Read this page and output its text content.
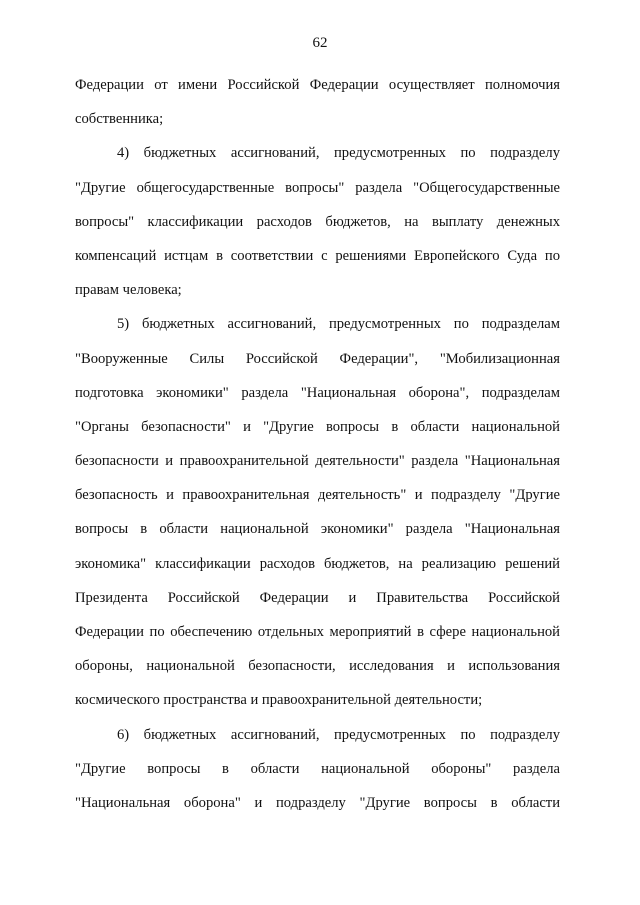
62

Федерации от имени Российской Федерации осуществляет полномочия
собственника;

4) бюджетных ассигнований, предусмотренных по подразделу
"Другие общегосударственные вопросы" раздела "Общегосударственные
вопросы" классификации расходов бюджетов, на выплату денежных
компенсаций истцам в соответствии с решениями Европейского Суда по
правам человека;

5) бюджетных ассигнований, предусмотренных по подразделам
"Вооруженные Силы Российской Федерации", "Мобилизационная
подготовка экономики" раздела "Национальная оборона", подразделам
"Органы безопасности" и "Другие вопросы в области национальной
безопасности и правоохранительной деятельности" раздела "Национальная
безопасность и правоохранительная деятельность" и подразделу "Другие
вопросы в области национальной экономики" раздела "Национальная
экономика" классификации расходов бюджетов, на реализацию решений
Президента Российской Федерации и Правительства Российской
Федерации по обеспечению отдельных мероприятий в сфере национальной
обороны, национальной безопасности, исследования и использования
космического пространства и правоохранительной деятельности;

6) бюджетных ассигнований, предусмотренных по подразделу
"Другие вопросы в области национальной обороны" раздела
"Национальная оборона" и подразделу "Другие вопросы в области
